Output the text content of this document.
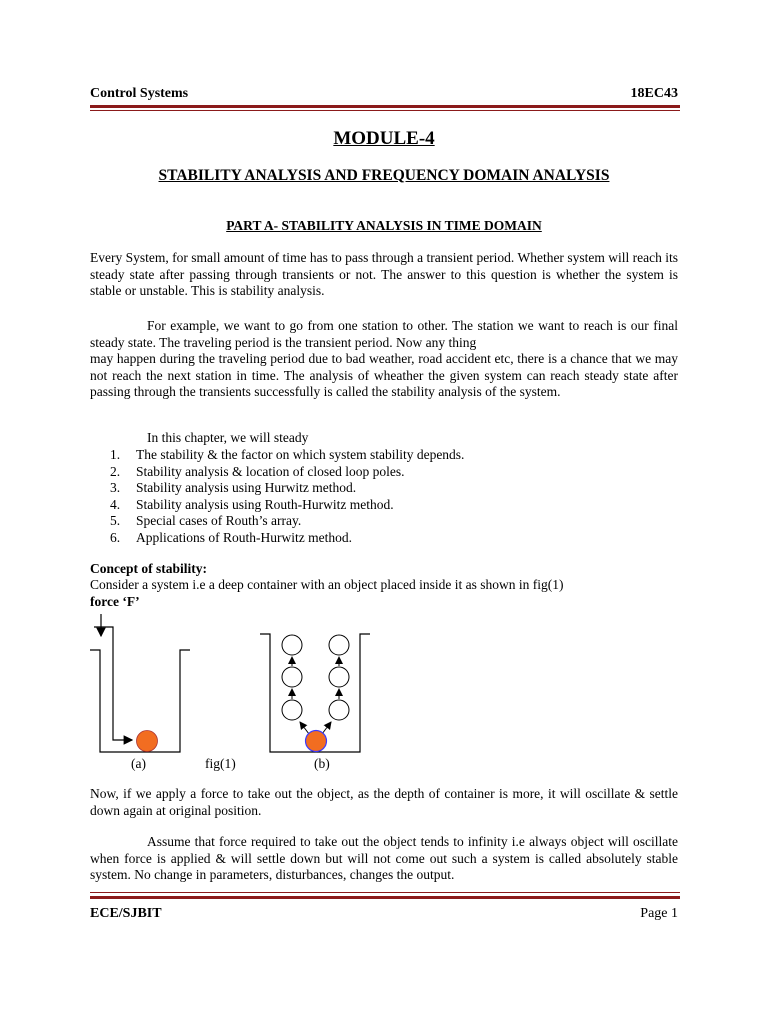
Control Systems	18EC43
MODULE-4
STABILITY ANALYSIS AND FREQUENCY DOMAIN ANALYSIS
PART A- STABILITY ANALYSIS IN TIME DOMAIN
Every System, for small amount of time has to pass through a transient period. Whether system will reach its steady state after passing through transients or not. The answer to this question is whether the system is stable or unstable. This is stability analysis.
For example, we want to go from one station to other. The station we want to reach is our final steady state. The traveling period is the transient period. Now any thing
may happen during the traveling period due to bad weather, road accident etc, there is a chance that we may not reach the next station in time. The analysis of wheather the given system can reach steady state after passing through the transients successfully is called the stability analysis of the system.
In this chapter, we will steady
1. The stability & the factor on which system stability depends.
2. Stability analysis & location of closed loop poles.
3. Stability analysis using Hurwitz method.
4. Stability analysis using Routh-Hurwitz method.
5. Special cases of Routh’s array.
6. Applications of Routh-Hurwitz method.
Concept of stability:
Consider a system i.e a deep container with an object placed inside it as shown in fig(1)
force ‘F’
(a)	fig(1)	(b)
Now, if we apply a force to take out the object, as the depth of container is more, it will oscillate & settle down again at original position.
Assume that force required to take out the object tends to infinity i.e always object will oscillate when force is applied & will settle down but will not come out such a system is called absolutely stable system. No change in parameters, disturbances, changes the output.
ECE/SJBIT	Page 1
